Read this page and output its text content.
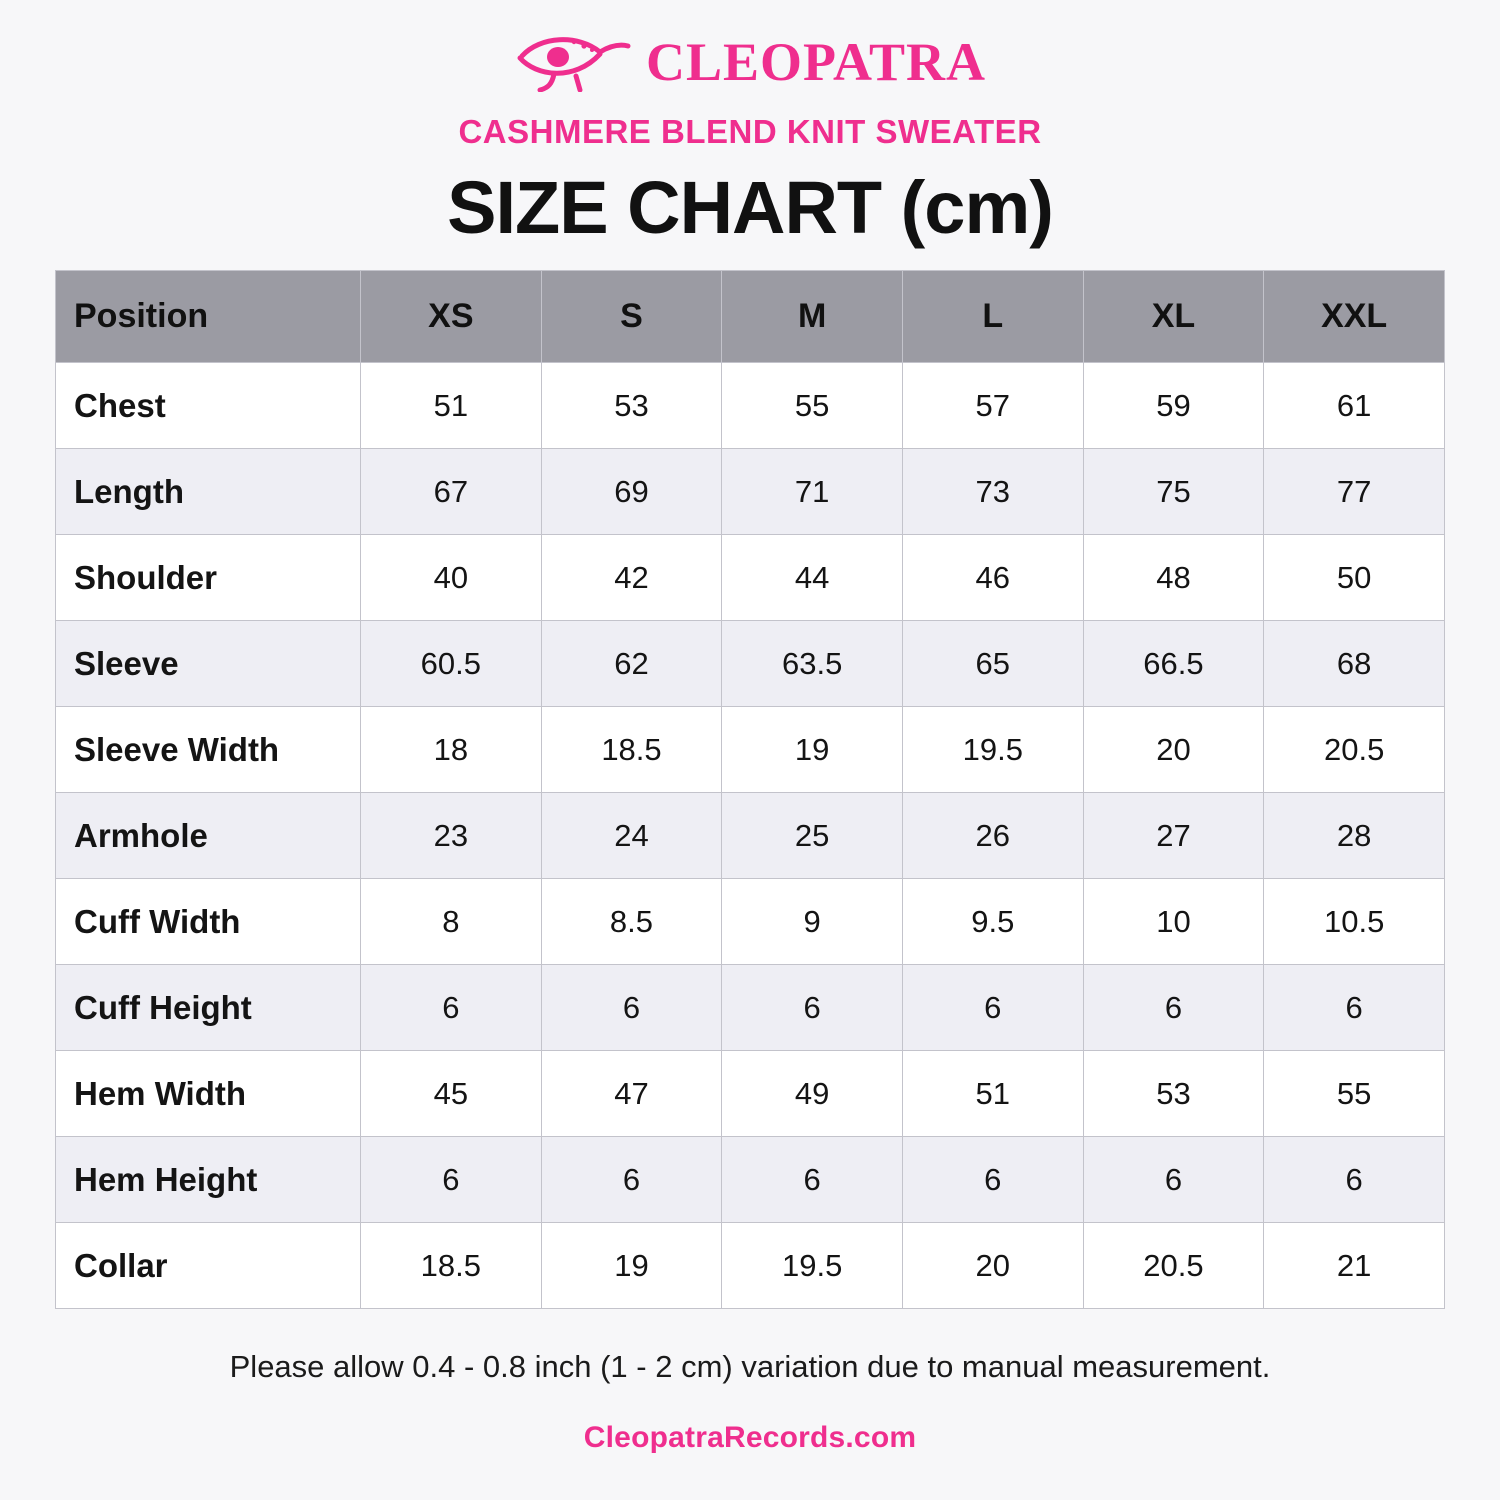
CLEOPATRA
CASHMERE BLEND KNIT SWEATER
SIZE CHART (cm)
Position	XS	S	M	L	XL	XXL
Chest	51	53	55	57	59	61
Length	67	69	71	73	75	77
Shoulder	40	42	44	46	48	50
Sleeve	60.5	62	63.5	65	66.5	68
Sleeve Width	18	18.5	19	19.5	20	20.5
Armhole	23	24	25	26	27	28
Cuff Width	8	8.5	9	9.5	10	10.5
Cuff Height	6	6	6	6	6	6
Hem Width	45	47	49	51	53	55
Hem Height	6	6	6	6	6	6
Collar	18.5	19	19.5	20	20.5	21
Please allow 0.4 - 0.8 inch (1 - 2 cm) variation due to manual measurement.
CleopatraRecords.com
